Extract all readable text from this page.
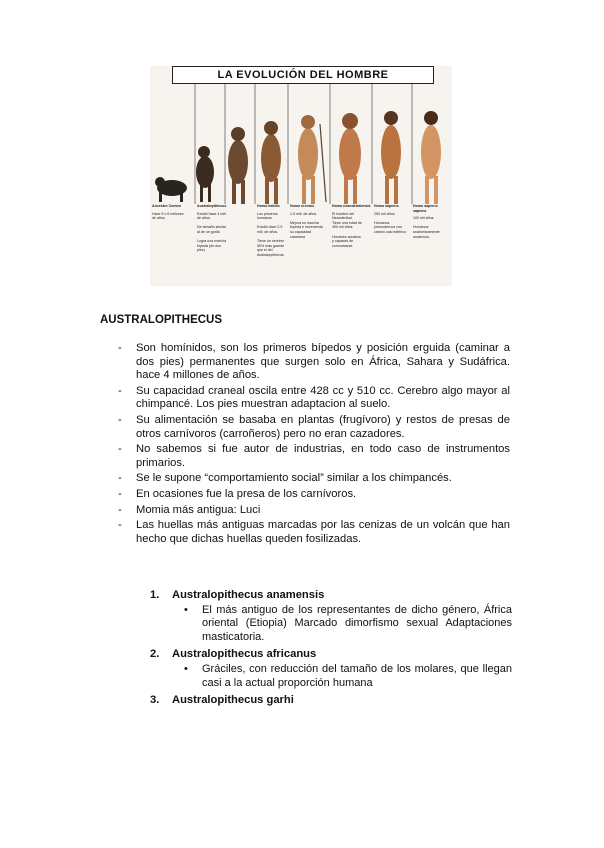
LA EVOLUCIÓN DEL HOMBRE
Ancestro Común
Hace 5 ó 6 millones
de años
Australopithecus
Existió hace 4 mill.
de años.

De tamaño similar
al de un gorila

Logra una marcha
bípeda (de dos
pies)
Homo habilis
Los primeros
humanos.

Existió hace 2.5
mill. de años.

Tiene un cerebro
50% más grande
que el del
Australopithecus.
Homo erectus
1.5 mill. de años.

Mejora su marcha
bípeda e incrementa
su capacidad
craneana
Homo neandertalensis
El hombre del
Neanderthal.
Tiene una edad de
400 mil años.

Hombres arcaicos
y capaces de
comunicarse.
Homo sapiens
250 mil años.

Humanos
premodernos con
cráneo casi esférico
Homo sapiens sapiens
100 mil años.

Humanos
anatómicamente
modernos.
AUSTRALOPITHECUS
- Son homínidos, son los primeros bípedos y posición erguida (caminar a dos pies) permanentes que surgen solo en África, Sahara y Sudáfrica. hace 4 millones de años.
- Su capacidad craneal oscila entre 428 cc y 510 cc. Cerebro algo mayor al chimpancé. Los pies muestran adaptacion al suelo.
- Su alimentación se basaba en plantas (frugívoro) y restos de presas de otros carnívoros (carroñeros) pero no eran cazadores.
- No sabemos si fue autor de industrias, en todo caso de instrumentos primarios.
- Se le supone “comportamiento social” similar a los chimpancés.
- En ocasiones fue la presa de los carnívoros.
- Momia más antigua: Luci
- Las huellas más antiguas marcadas por las cenizas de un volcán que han hecho que dichas huellas queden fosilizadas.
1. Australopithecus anamensis
• El más antiguo de los representantes de dicho género, África oriental (Etiopia) Marcado dimorfismo sexual Adaptaciones masticatoria.
2. Australopithecus africanus
• Gráciles, con reducción del tamaño de los molares, que llegan casi a la actual proporción humana
3. Australopithecus garhi
